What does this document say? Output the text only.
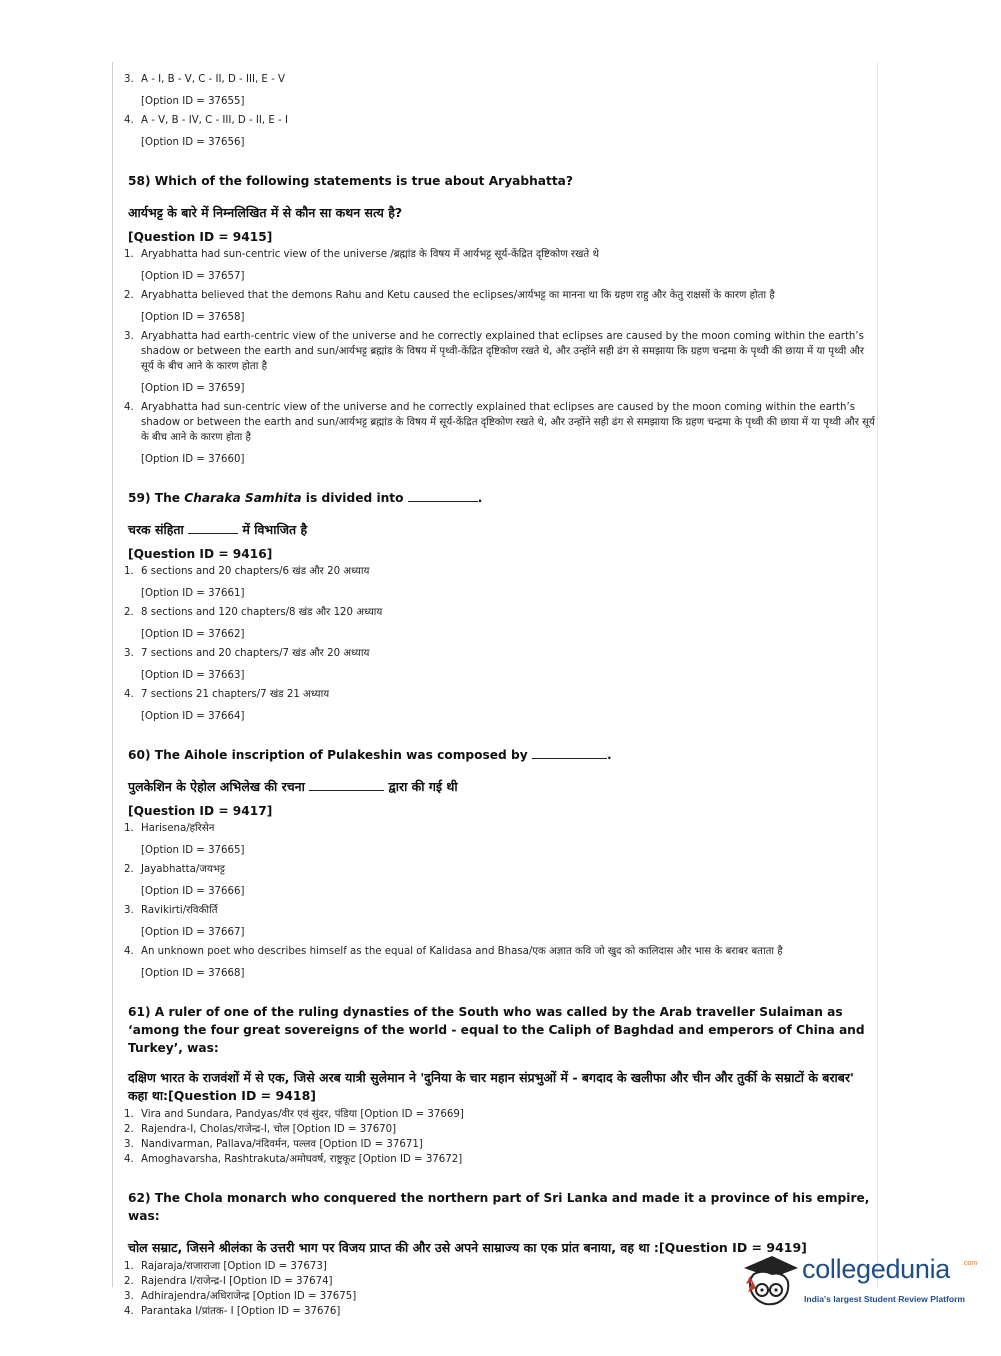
3. A - I, B - V, C - II, D - III, E - V
[Option ID = 37655]
4. A - V, B - IV, C - III, D - II, E - I
[Option ID = 37656]
58) Which of the following statements is true about Aryabhatta?
आर्यभट्ट के बारे में निम्नलिखित में से कौन सा कथन सत्य है?
[Question ID = 9415]
1. Aryabhatta had sun-centric view of the universe /ब्रह्मांड के विषय में आर्यभट्ट सूर्य-केंद्रित दृष्टिकोण रखते थे
[Option ID = 37657]
2. Aryabhatta believed that the demons Rahu and Ketu caused the eclipses/आर्यभट्ट का मानना था कि ग्रहण राहु और केतु राक्षसों के कारण होता है
[Option ID = 37658]
3. Aryabhatta had earth-centric view of the universe and he correctly explained that eclipses are caused by the moon coming within the earth’s shadow or between the earth and sun/आर्यभट्ट ब्रह्मांड के विषय में पृथ्वी-केंद्रित दृष्टिकोण रखते थे, और उन्होंने सही ढंग से समझाया कि ग्रहण चन्द्रमा के पृथ्वी की छाया में या पृथ्वी और सूर्य के बीच आने के कारण होता है
[Option ID = 37659]
4. Aryabhatta had sun-centric view of the universe and he correctly explained that eclipses are caused by the moon coming within the earth’s shadow or between the earth and sun/आर्यभट्ट ब्रह्मांड के विषय में सूर्य-केंद्रित दृष्टिकोण रखते थे, और उन्होंने सही ढंग से समझाया कि ग्रहण चन्द्रमा के पृथ्वी की छाया में या पृथ्वी और सूर्य के बीच आने के कारण होता है
[Option ID = 37660]
59) The Charaka Samhita is divided into	.
चरक संहिता	में विभाजित है
[Question ID = 9416]
1. 6 sections and 20 chapters/6 खंड और 20 अध्याय
[Option ID = 37661]
2. 8 sections and 120 chapters/8 खंड और 120 अध्याय
[Option ID = 37662]
3. 7 sections and 20 chapters/7 खंड और 20 अध्याय
[Option ID = 37663]
4. 7 sections 21 chapters/7 खंड 21 अध्याय
[Option ID = 37664]
60) The Aihole inscription of Pulakeshin was composed by	.
पुलकेशिन के ऐहोल अभिलेख की रचना	द्वारा की गई थी
[Question ID = 9417]
1. Harisena/हरिसेन
[Option ID = 37665]
2. Jayabhatta/जयभट्ट
[Option ID = 37666]
3. Ravikirti/रविकीर्ति
[Option ID = 37667]
4. An unknown poet who describes himself as the equal of Kalidasa and Bhasa/एक अज्ञात कवि जो खुद को कालिदास और भास के बराबर बताता है
[Option ID = 37668]
61) A ruler of one of the ruling dynasties of the South who was called by the Arab traveller Sulaiman as ‘among the four great sovereigns of the world - equal to the Caliph of Baghdad and emperors of China and Turkey’, was:
दक्षिण भारत के राजवंशों में से एक, जिसे अरब यात्री सुलेमान ने 'दुनिया के चार महान संप्रभुओं में - बगदाद के खलीफा और चीन और तुर्की के सम्राटों के बराबर' कहा था:[Question ID = 9418]
1. Vira and Sundara, Pandyas/वीर एवं सुंदर, पंडिया [Option ID = 37669]
2. Rajendra-I, Cholas/राजेन्द्र-I, चोल [Option ID = 37670]
3. Nandivarman, Pallava/नंदिवर्मन, पल्लव [Option ID = 37671]
4. Amoghavarsha, Rashtrakuta/अमोघवर्ष, राष्ट्रकूट [Option ID = 37672]
62) The Chola monarch who conquered the northern part of Sri Lanka and made it a province of his empire, was:
चोल सम्राट, जिसने श्रीलंका के उत्तरी भाग पर विजय प्राप्त की और उसे अपने साम्राज्य का एक प्रांत बनाया, वह था :[Question ID = 9419]
1. Rajaraja/राजाराजा [Option ID = 37673]
2. Rajendra I/राजेन्द्र-I [Option ID = 37674]
3. Adhirajendra/अधिराजेन्द्र [Option ID = 37675]
4. Parantaka I/प्रांतक- I [Option ID = 37676]
collegedunia .com
India's largest Student Review Platform
